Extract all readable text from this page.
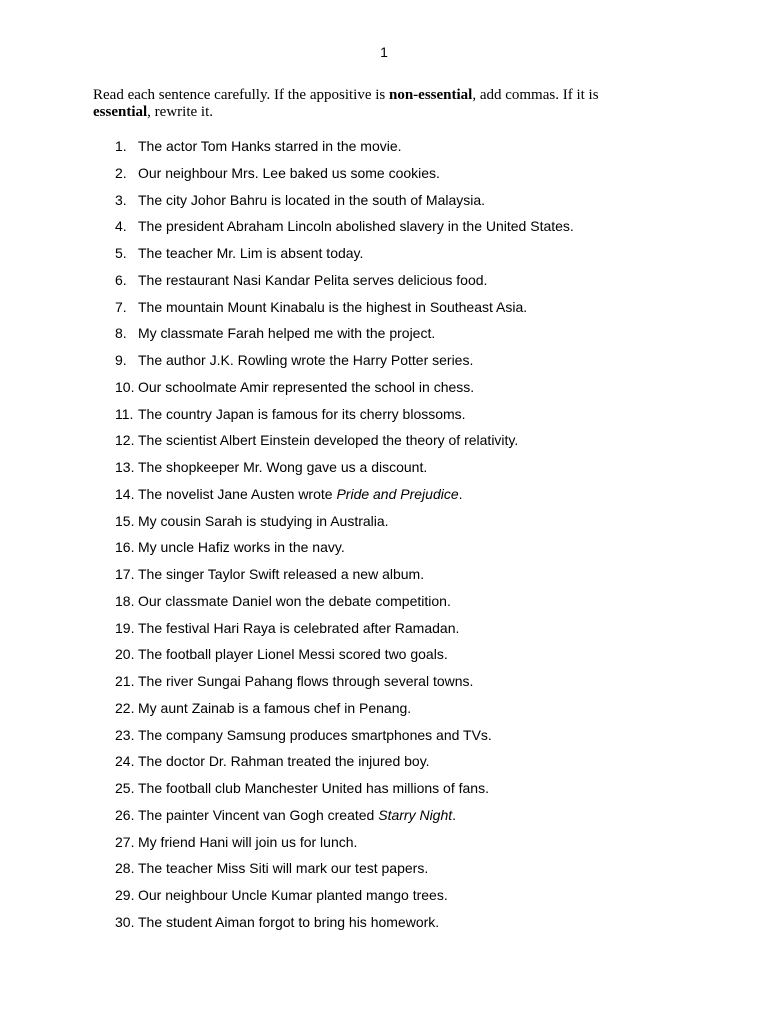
1

Read each sentence carefully. If the appositive is non-essential, add commas. If it is essential, rewrite it.

1. The actor Tom Hanks starred in the movie.
2. Our neighbour Mrs. Lee baked us some cookies.
3. The city Johor Bahru is located in the south of Malaysia.
4. The president Abraham Lincoln abolished slavery in the United States.
5. The teacher Mr. Lim is absent today.
6. The restaurant Nasi Kandar Pelita serves delicious food.
7. The mountain Mount Kinabalu is the highest in Southeast Asia.
8. My classmate Farah helped me with the project.
9. The author J.K. Rowling wrote the Harry Potter series.
10. Our schoolmate Amir represented the school in chess.
11. The country Japan is famous for its cherry blossoms.
12. The scientist Albert Einstein developed the theory of relativity.
13. The shopkeeper Mr. Wong gave us a discount.
14. The novelist Jane Austen wrote Pride and Prejudice.
15. My cousin Sarah is studying in Australia.
16. My uncle Hafiz works in the navy.
17. The singer Taylor Swift released a new album.
18. Our classmate Daniel won the debate competition.
19. The festival Hari Raya is celebrated after Ramadan.
20. The football player Lionel Messi scored two goals.
21. The river Sungai Pahang flows through several towns.
22. My aunt Zainab is a famous chef in Penang.
23. The company Samsung produces smartphones and TVs.
24. The doctor Dr. Rahman treated the injured boy.
25. The football club Manchester United has millions of fans.
26. The painter Vincent van Gogh created Starry Night.
27. My friend Hani will join us for lunch.
28. The teacher Miss Siti will mark our test papers.
29. Our neighbour Uncle Kumar planted mango trees.
30. The student Aiman forgot to bring his homework.
